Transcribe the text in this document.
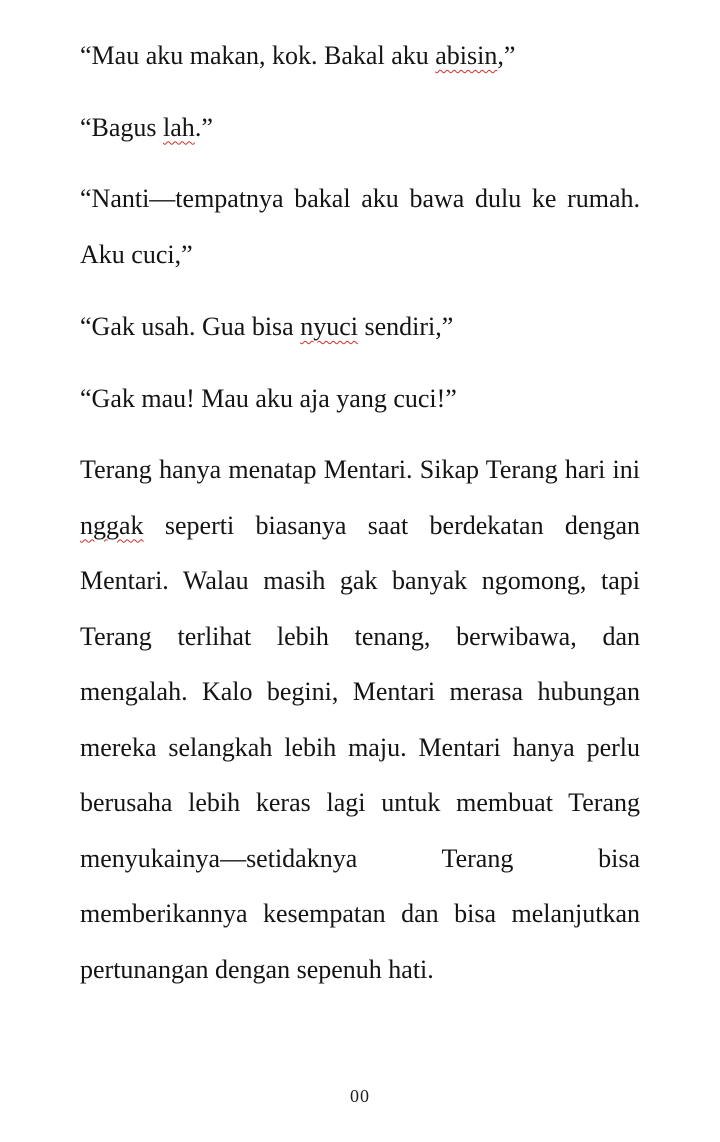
“Mau aku makan, kok. Bakal aku abisin,”

“Bagus lah.”

“Nanti—tempatnya bakal aku bawa dulu ke rumah. Aku cuci,”

“Gak usah. Gua bisa nyuci sendiri,”

“Gak mau! Mau aku aja yang cuci!”

Terang hanya menatap Mentari. Sikap Terang hari ini nggak seperti biasanya saat berdekatan dengan Mentari. Walau masih gak banyak ngomong, tapi Terang terlihat lebih tenang, berwibawa, dan mengalah. Kalo begini, Mentari merasa hubungan mereka selangkah lebih maju. Mentari hanya perlu berusaha lebih keras lagi untuk membuat Terang menyukainya—setidaknya Terang bisa memberikannya kesempatan dan bisa melanjutkan pertunangan dengan sepenuh hati.

00
